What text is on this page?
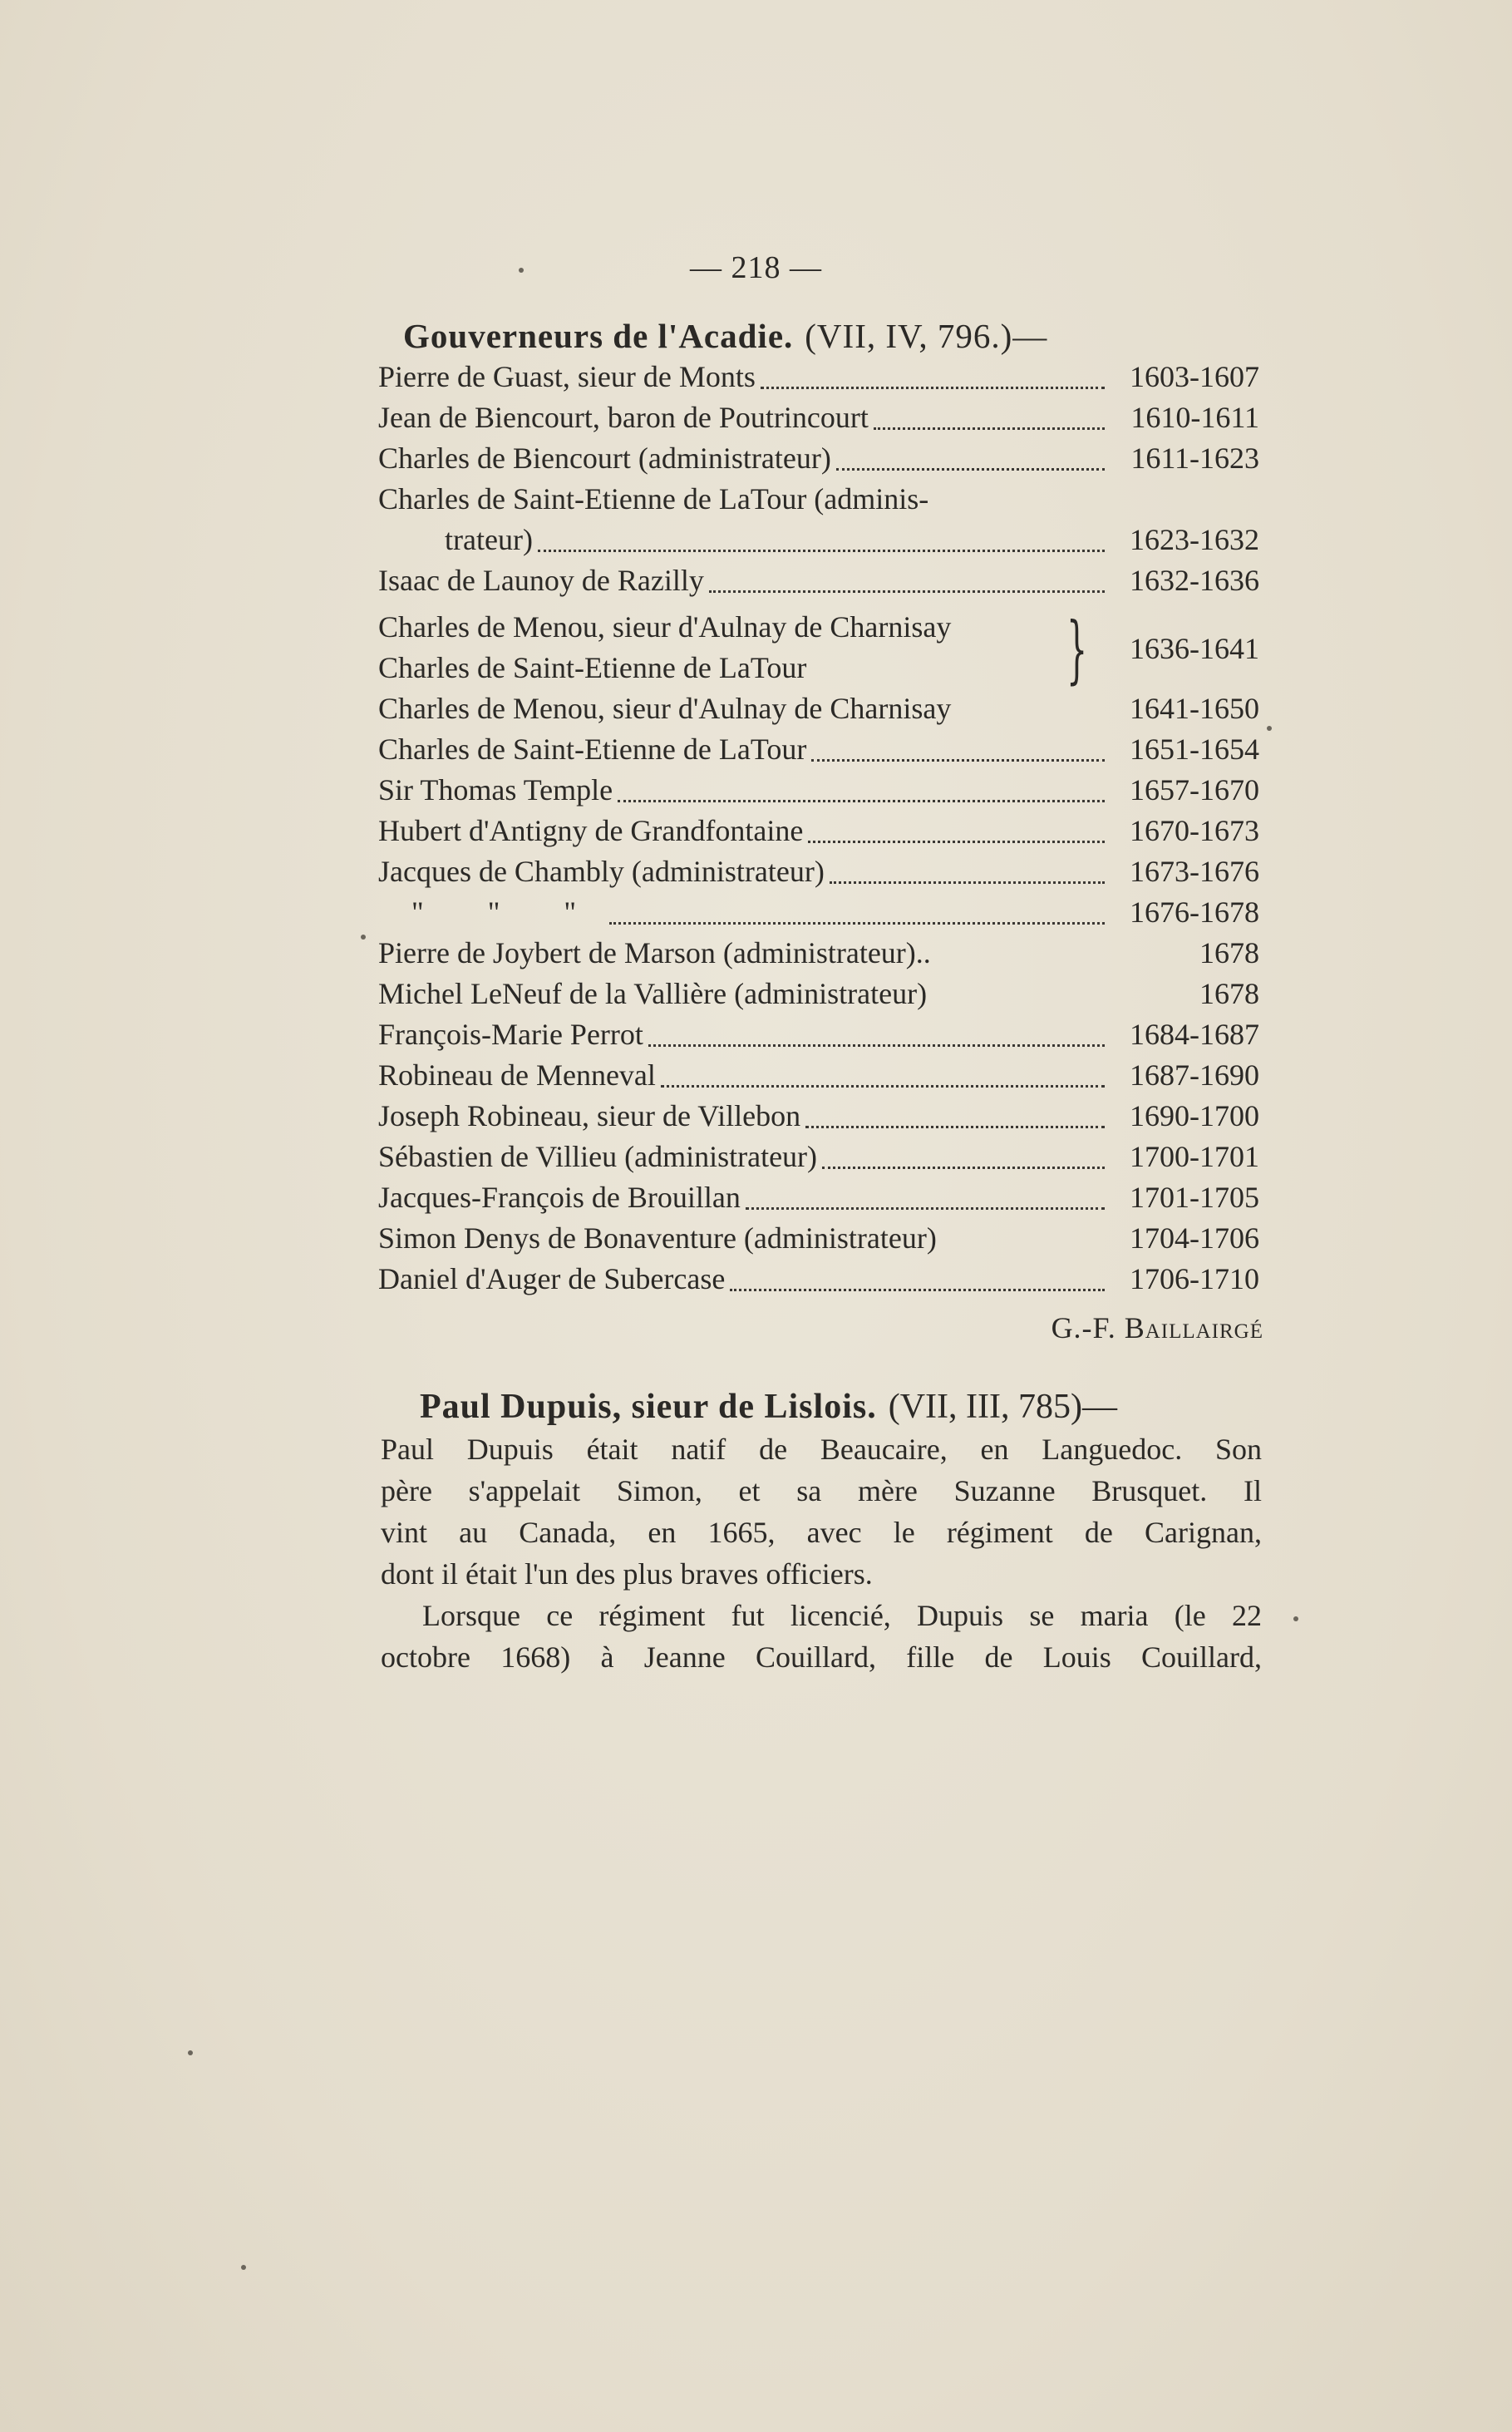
— 218 —
Gouverneurs de l'Acadie. (VII, IV, 796.)—
Pierre de Guast, sieur de Monts	1603-1607
Jean de Biencourt, baron de Poutrincourt	1610-1611
Charles de Biencourt (administrateur)	1611-1623
Charles de Saint-Etienne de LaTour (adminis-
trateur)	1623-1632
Isaac de Launoy de Razilly	1632-1636
Charles de Menou, sieur d'Aulnay de Charnisay
Charles de Saint-Etienne de LaTour	} 1636-1641
Charles de Menou, sieur d'Aulnay de Charnisay	1641-1650
Charles de Saint-Etienne de LaTour	1651-1654
Sir Thomas Temple	1657-1670
Hubert d'Antigny de Grandfontaine	1670-1673
Jacques de Chambly (administrateur)	1673-1676
" " "	1676-1678
Pierre de Joybert de Marson (administrateur)..	1678
Michel LeNeuf de la Vallière (administrateur)	1678
François-Marie Perrot	1684-1687
Robineau de Menneval	1687-1690
Joseph Robineau, sieur de Villebon	1690-1700
Sébastien de Villieu (administrateur)	1700-1701
Jacques-François de Brouillan	1701-1705
Simon Denys de Bonaventure (administrateur)	1704-1706
Daniel d'Auger de Subercase	1706-1710
G.-F. Baillairgé
Paul Dupuis, sieur de Lislois. (VII, III, 785)—
Paul Dupuis était natif de Beaucaire, en Languedoc. Son
père s'appelait Simon, et sa mère Suzanne Brusquet. Il
vint au Canada, en 1665, avec le régiment de Carignan,
dont il était l'un des plus braves officiers.
Lorsque ce régiment fut licencié, Dupuis se maria (le 22
octobre 1668) à Jeanne Couillard, fille de Louis Couillard,
